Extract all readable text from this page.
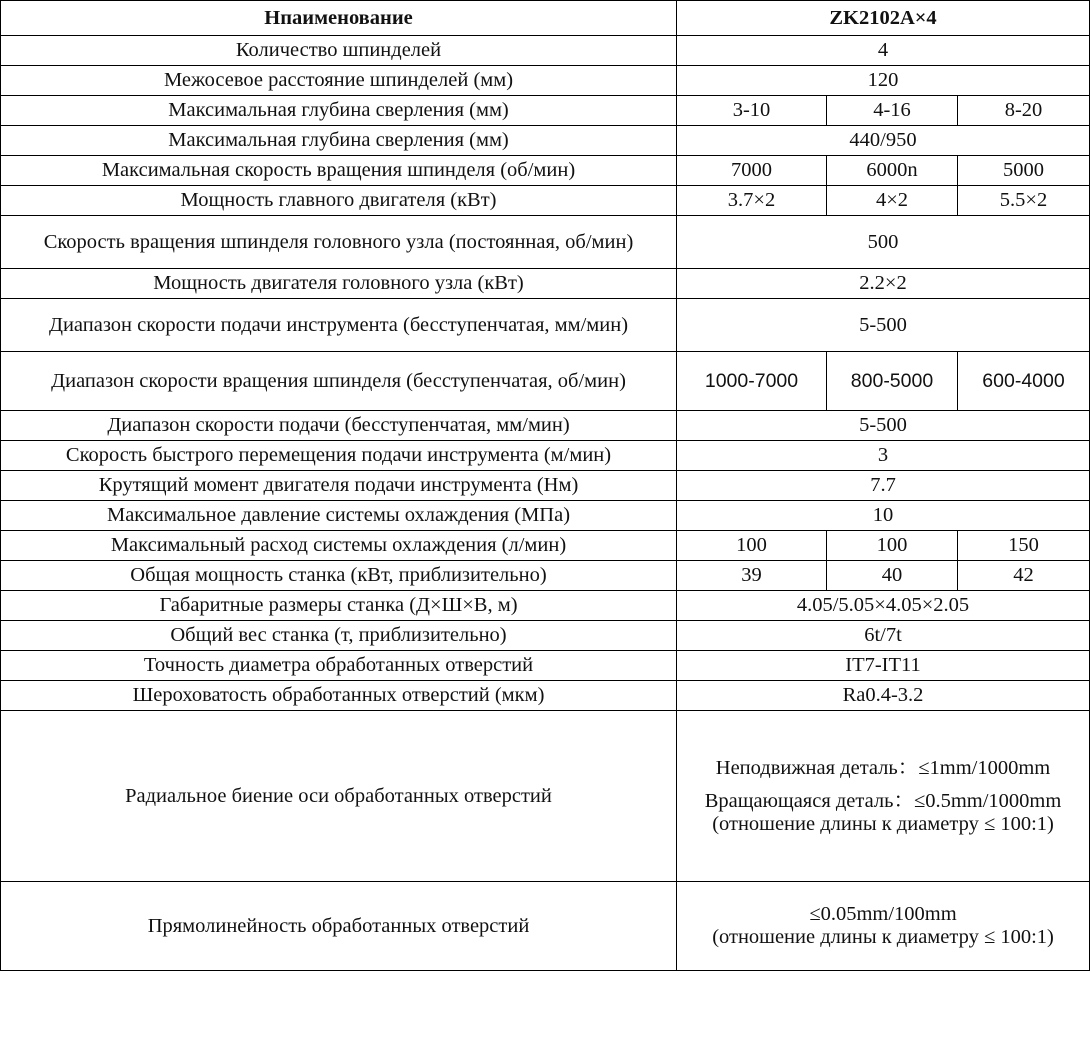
Нпаименование	ZK2102A×4		
Количество шпинделей	4		
Межосевое расстояние шпинделей (мм)	120		
Максимальная глубина сверления (мм)	3-10	4-16	8-20
Максимальная глубина сверления (мм)	440/950		
Максимальная скорость вращения шпинделя (об/мин)	7000	6000n	5000
Мощность главного двигателя (кВт)	3.7×2	4×2	5.5×2
Скорость вращения шпинделя головного узла (постоянная, об/мин)	500		
Мощность двигателя головного узла (кВт)	2.2×2		
Диапазон скорости подачи инструмента (бесступенчатая, мм/мин)	5-500		
Диапазон скорости вращения шпинделя (бесступенчатая, об/мин)	1000-7000	800-5000	600-4000
Диапазон скорости подачи (бесступенчатая, мм/мин)	5-500		
Скорость быстрого перемещения подачи инструмента (м/мин)	3		
Крутящий момент двигателя подачи инструмента (Нм)	7.7		
Максимальное давление системы охлаждения (МПа)	10		
Максимальный расход системы охлаждения (л/мин)	100	100	150
Общая мощность станка (кВт, приблизительно)	39	40	42
Габаритные размеры станка (Д×Ш×В, м)	4.05/5.05×4.05×2.05		
Общий вес станка (т, приблизительно)	6t/7t		
Точность диаметра обработанных отверстий	IT7-IT11		
Шероховатость обработанных отверстий (мкм)	Ra0.4-3.2		
Радиальное биение оси обработанных отверстий	Неподвижная деталь：≤1mm/1000mm
Вращающаяся деталь：≤0.5mm/1000mm
(отношение длины к диаметру ≤ 100:1)		

Прямолинейность обработанных отверстий	≤0.05mm/100mm
(отношение длины к диаметру ≤ 100:1)		
